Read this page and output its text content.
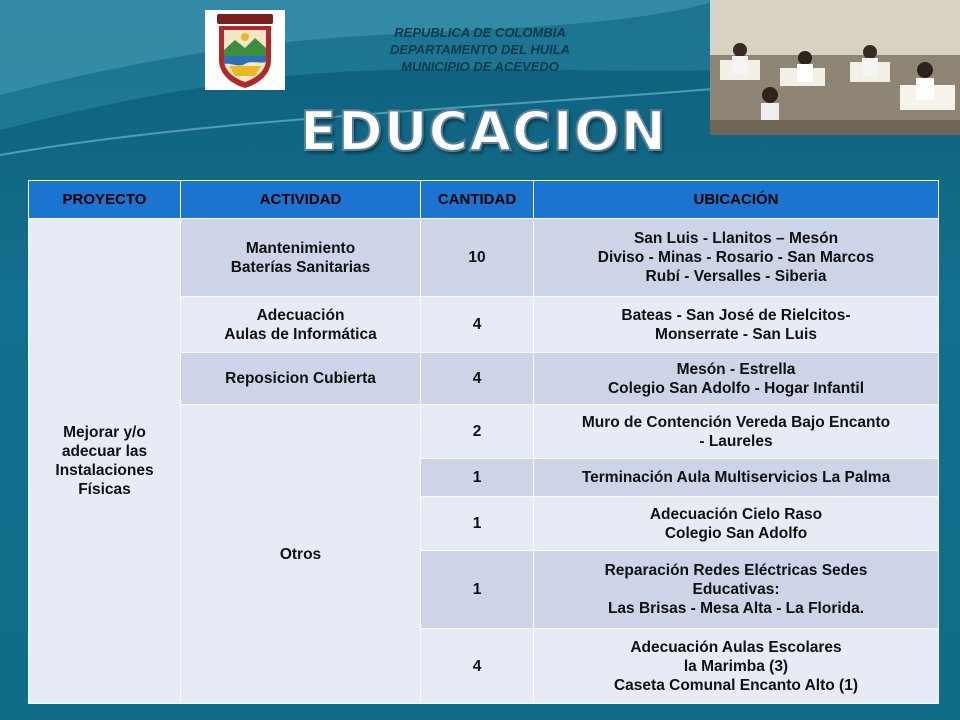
REPUBLICA DE COLOMBIA
DEPARTAMENTO DEL HUILA
MUNICIPIO DE ACEVEDO
EDUCACION
PROYECTO	ACTIVIDAD	CANTIDAD	UBICACIÓN

Mejorar y/o
adecuar las
Instalaciones
Físicas	Mantenimiento
Baterías Sanitarias	10	San Luis - Llanitos – Mesón
Diviso - Minas - Rosario - San Marcos
Rubí - Versalles - Siberia

	Adecuación
Aulas de Informática	4	Bateas - San José de Rielcitos-
Monserrate - San Luis

	Reposicion Cubierta	4	Mesón - Estrella
Colegio San Adolfo - Hogar Infantil

	Otros	2	Muro de Contención Vereda Bajo Encanto
- Laureles

		1	Terminación Aula Multiservicios La Palma

		1	Adecuación Cielo Raso
Colegio San Adolfo

		1	Reparación Redes Eléctricas Sedes
Educativas:
Las Brisas - Mesa Alta - La Florida.

		4	Adecuación Aulas Escolares
la Marimba (3)
Caseta Comunal Encanto Alto (1)
